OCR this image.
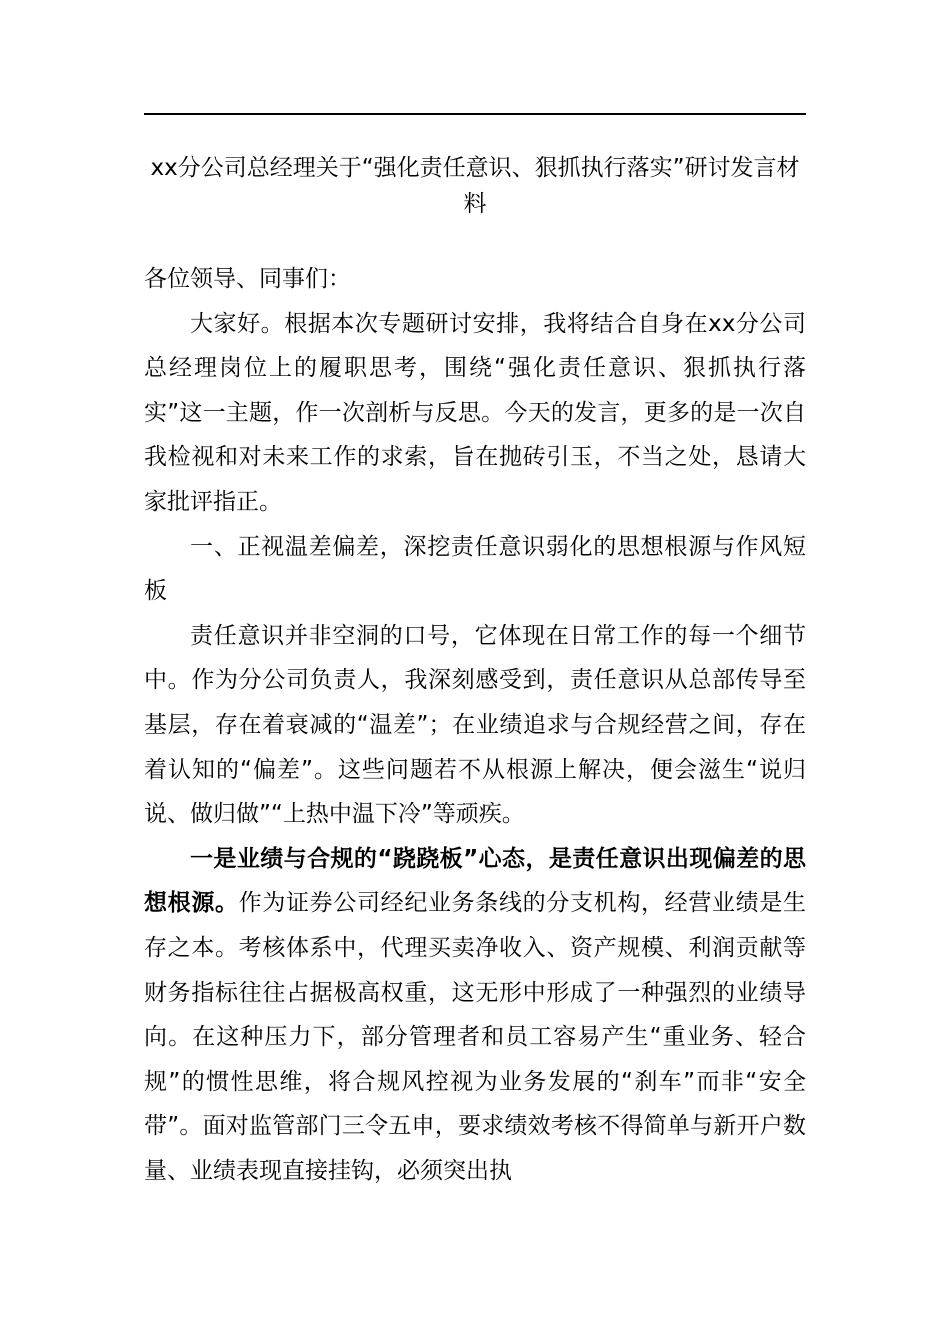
xx分公司总经理关于“强化责任意识、狠抓执行落实”研讨发言材料

各位领导、同事们：

大家好。根据本次专题研讨安排，我将结合自身在xx分公司总经理岗位上的履职思考，围绕“强化责任意识、狠抓执行落实”这一主题，作一次剖析与反思。今天的发言，更多的是一次自我检视和对未来工作的求索，旨在抛砖引玉，不当之处，恳请大家批评指正。

一、正视温差偏差，深挖责任意识弱化的思想根源与作风短板

责任意识并非空洞的口号，它体现在日常工作的每一个细节中。作为分公司负责人，我深刻感受到，责任意识从总部传导至基层，存在着衰减的“温差”；在业绩追求与合规经营之间，存在着认知的“偏差”。这些问题若不从根源上解决，便会滋生“说归说、做归做”“上热中温下冷”等顽疾。

一是业绩与合规的“跷跷板”心态，是责任意识出现偏差的思想根源。作为证券公司经纪业务条线的分支机构，经营业绩是生存之本。考核体系中，代理买卖净收入、资产规模、利润贡献等财务指标往往占据极高权重，这无形中形成了一种强烈的业绩导向。在这种压力下，部分管理者和员工容易产生“重业务、轻合规”的惯性思维，将合规风控视为业务发展的“刹车”而非“安全带”。面对监管部门三令五申，要求绩效考核不得简单与新开户数量、业绩表现直接挂钩，必须突出执
